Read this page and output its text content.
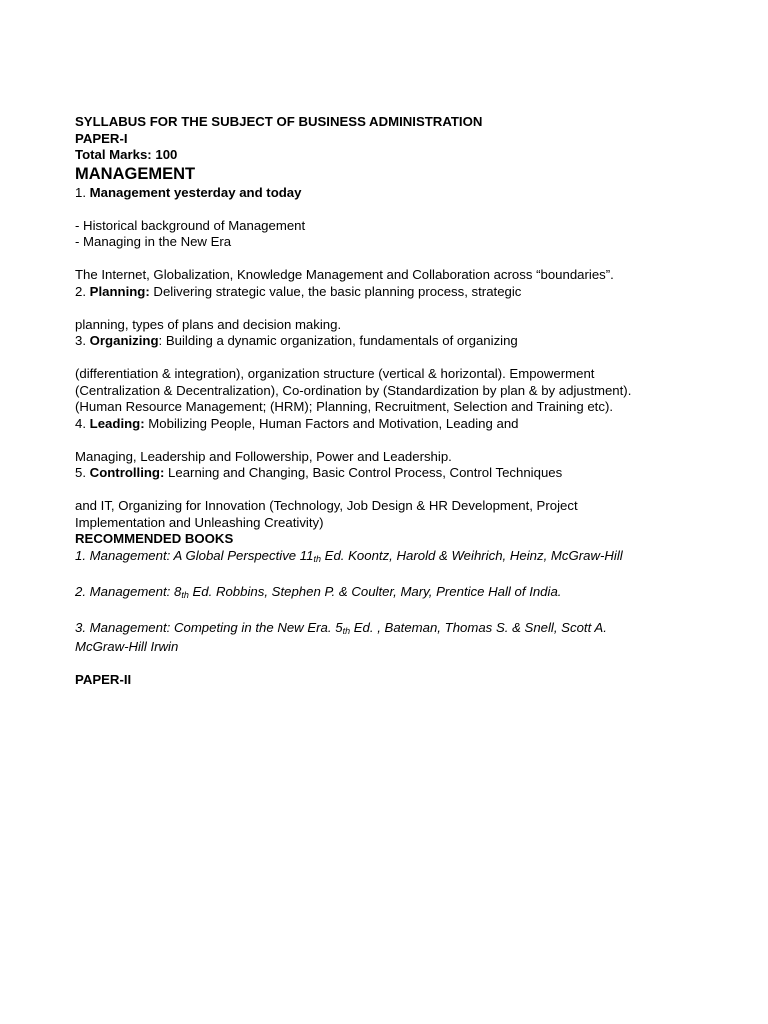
SYLLABUS FOR THE SUBJECT OF BUSINESS ADMINISTRATION
PAPER-I
Total Marks: 100
MANAGEMENT
1. Management yesterday and today
- Historical background of Management
- Managing in the New Era
The Internet, Globalization, Knowledge Management and Collaboration across “boundaries”.
2. Planning: Delivering strategic value, the basic planning process, strategic
planning, types of plans and decision making.
3. Organizing: Building a dynamic organization, fundamentals of organizing
(differentiation & integration), organization structure (vertical & horizontal). Empowerment
(Centralization & Decentralization), Co-ordination by (Standardization by plan & by adjustment).
(Human Resource Management; (HRM); Planning, Recruitment, Selection and Training etc).
4. Leading: Mobilizing People, Human Factors and Motivation, Leading and
Managing, Leadership and Followership, Power and Leadership.
5. Controlling: Learning and Changing, Basic Control Process, Control Techniques
and IT, Organizing for Innovation (Technology, Job Design & HR Development, Project
Implementation and Unleashing Creativity)
RECOMMENDED BOOKS
1. Management: A Global Perspective 11th Ed. Koontz, Harold & Weihrich, Heinz, McGraw-Hill
2. Management: 8th Ed. Robbins, Stephen P. & Coulter, Mary, Prentice Hall of India.
3. Management: Competing in the New Era. 5th Ed. , Bateman, Thomas S. & Snell, Scott A.
McGraw-Hill Irwin
PAPER-II
